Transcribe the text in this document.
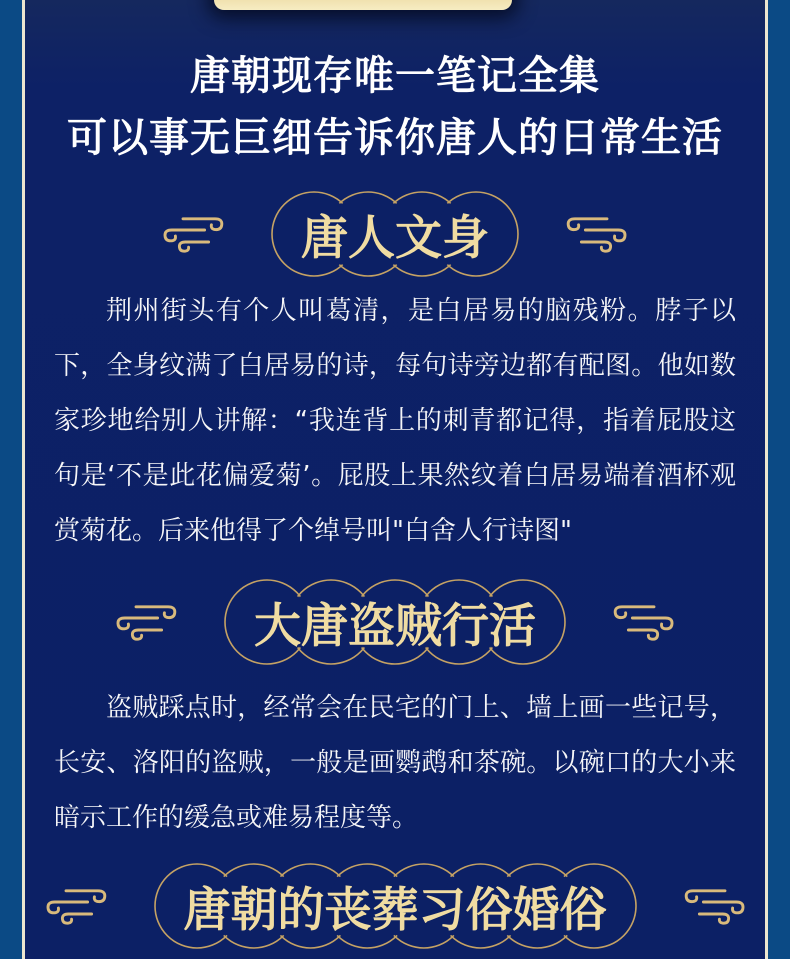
唐朝现存唯一笔记全集
可以事无巨细告诉你唐人的日常生活
唐人文身

荆州街头有个人叫葛清，是白居易的脑残粉。脖子以下，全身纹满了白居易的诗，每句诗旁边都有配图。他如数家珍地给别人讲解：“我连背上的刺青都记得，指着屁股这句是‘不是此花偏爱菊’。屁股上果然纹着白居易端着酒杯观赏菊花。后来他得了个绰号叫"白舍人行诗图"

大唐盗贼行活

盗贼踩点时，经常会在民宅的门上、墙上画一些记号，长安、洛阳的盗贼，一般是画鹦鹉和茶碗。以碗口的大小来暗示工作的缓急或难易程度等。

唐朝的丧葬习俗婚俗
